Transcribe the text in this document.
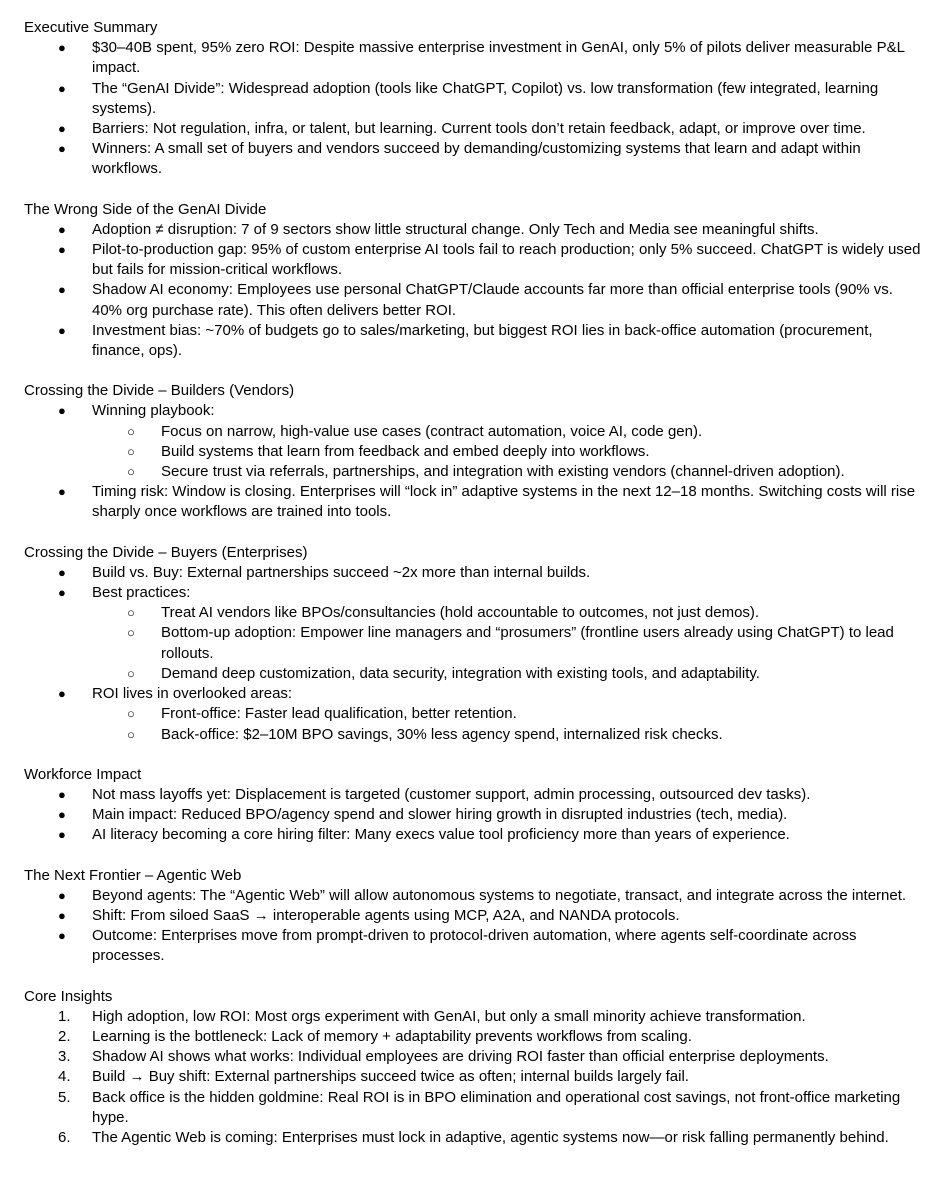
Executive Summary
●	$30–40B spent, 95% zero ROI: Despite massive enterprise investment in GenAI, only 5% of pilots deliver measurable P&L impact.
●	The “GenAI Divide”: Widespread adoption (tools like ChatGPT, Copilot) vs. low transformation (few integrated, learning systems).
●	Barriers: Not regulation, infra, or talent, but learning. Current tools don’t retain feedback, adapt, or improve over time.
●	Winners: A small set of buyers and vendors succeed by demanding/customizing systems that learn and adapt within workflows.
The Wrong Side of the GenAI Divide
●	Adoption ≠ disruption: 7 of 9 sectors show little structural change. Only Tech and Media see meaningful shifts.
●	Pilot-to-production gap: 95% of custom enterprise AI tools fail to reach production; only 5% succeed. ChatGPT is widely used but fails for mission-critical workflows.
●	Shadow AI economy: Employees use personal ChatGPT/Claude accounts far more than official enterprise tools (90% vs. 40% org purchase rate). This often delivers better ROI.
●	Investment bias: ~70% of budgets go to sales/marketing, but biggest ROI lies in back-office automation (procurement, finance, ops).
Crossing the Divide – Builders (Vendors)
●	Winning playbook:
○	Focus on narrow, high-value use cases (contract automation, voice AI, code gen).
○	Build systems that learn from feedback and embed deeply into workflows.
○	Secure trust via referrals, partnerships, and integration with existing vendors (channel-driven adoption).
●	Timing risk: Window is closing. Enterprises will “lock in” adaptive systems in the next 12–18 months. Switching costs will rise sharply once workflows are trained into tools.
Crossing the Divide – Buyers (Enterprises)
●	Build vs. Buy: External partnerships succeed ~2x more than internal builds.
●	Best practices:
○	Treat AI vendors like BPOs/consultancies (hold accountable to outcomes, not just demos).
○	Bottom-up adoption: Empower line managers and “prosumers” (frontline users already using ChatGPT) to lead rollouts.
○	Demand deep customization, data security, integration with existing tools, and adaptability.
●	ROI lives in overlooked areas:
○	Front-office: Faster lead qualification, better retention.
○	Back-office: $2–10M BPO savings, 30% less agency spend, internalized risk checks.
Workforce Impact
●	Not mass layoffs yet: Displacement is targeted (customer support, admin processing, outsourced dev tasks).
●	Main impact: Reduced BPO/agency spend and slower hiring growth in disrupted industries (tech, media).
●	AI literacy becoming a core hiring filter: Many execs value tool proficiency more than years of experience.
The Next Frontier – Agentic Web
●	Beyond agents: The “Agentic Web” will allow autonomous systems to negotiate, transact, and integrate across the internet.
●	Shift: From siloed SaaS → interoperable agents using MCP, A2A, and NANDA protocols.
●	Outcome: Enterprises move from prompt-driven to protocol-driven automation, where agents self-coordinate across processes.
Core Insights
1.	High adoption, low ROI: Most orgs experiment with GenAI, but only a small minority achieve transformation.
2.	Learning is the bottleneck: Lack of memory + adaptability prevents workflows from scaling.
3.	Shadow AI shows what works: Individual employees are driving ROI faster than official enterprise deployments.
4.	Build → Buy shift: External partnerships succeed twice as often; internal builds largely fail.
5.	Back office is the hidden goldmine: Real ROI is in BPO elimination and operational cost savings, not front-office marketing hype.
6.	The Agentic Web is coming: Enterprises must lock in adaptive, agentic systems now—or risk falling permanently behind.
